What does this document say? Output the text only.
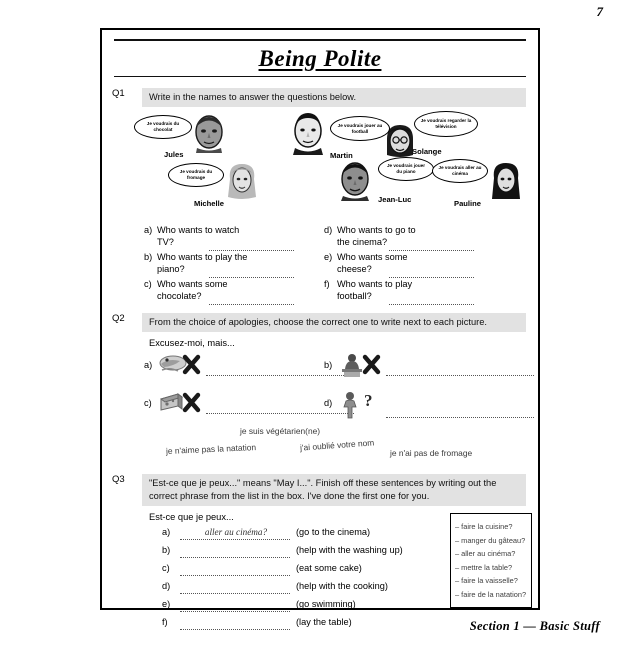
7
Being Polite
Q1	Write in the names to answer the questions below.
Je voudrais du chocolat
Jules
Je voudrais jouer au football
Martin
Je voudrais regarder la télévision
Solange
Je voudrais du fromage
Michelle
Je voudrais jouer du piano
Jean-Luc
Je voudrais aller au cinéma
Pauline
a) Who wants to watch TV?
b) Who wants to play the piano?
c) Who wants some chocolate?
d) Who wants to go to the cinema?
e) Who wants some cheese?
f) Who wants to play football?
Q2	From the choice of apologies, choose the correct one to write next to each picture.
Excusez-moi, mais...
a)	b)
c)	d) ?
je suis végétarien(ne)
je n'aime pas la natation	j'ai oublié votre nom
je n'ai pas de fromage
Q3	"Est-ce que je peux..." means "May I...". Finish off these sentences by writing out the correct phrase from the list in the box. I've done the first one for you.
Est-ce que je peux...
a)	aller au cinéma?	(go to the cinema)
b)	(help with the washing up)
c)	(eat some cake)
d)	(help with the cooking)
e)	(go swimming)
f)	(lay the table)
– faire la cuisine?
– manger du gâteau?
– aller au cinéma?
– mettre la table?
– faire la vaisselle?
– faire de la natation?
Section 1 — Basic Stuff
